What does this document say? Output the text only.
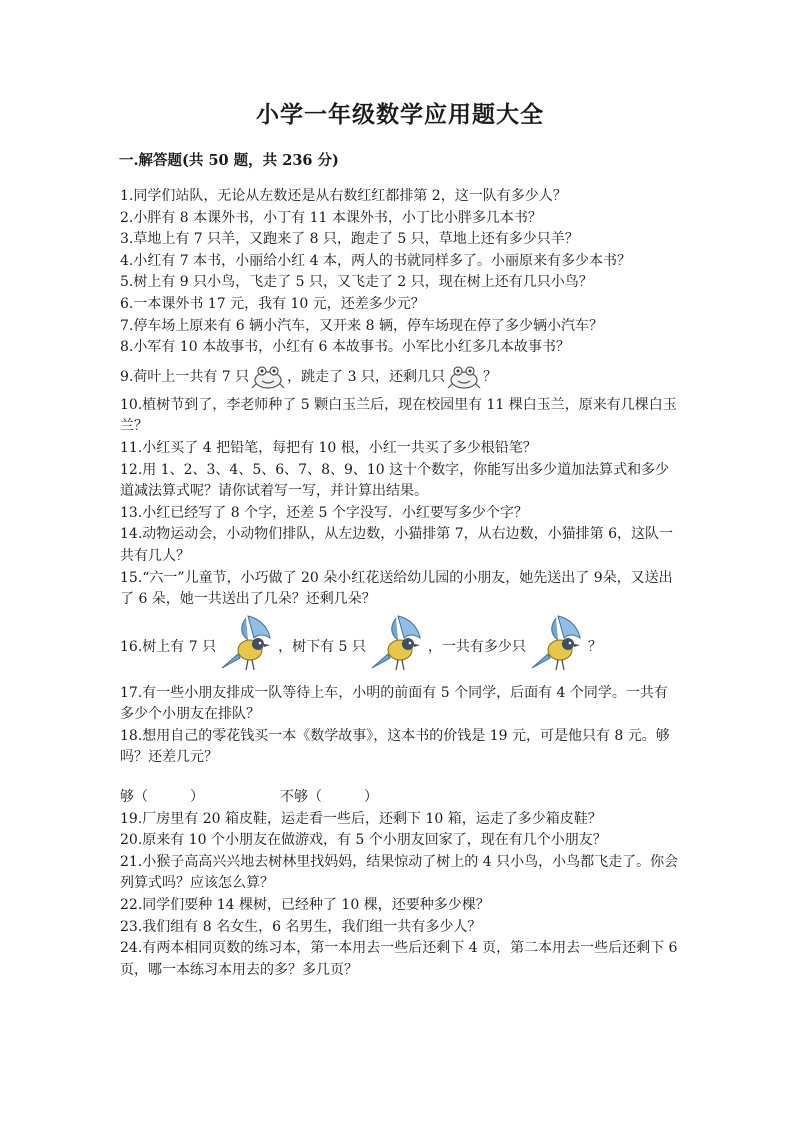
小学一年级数学应用题大全
一.解答题(共 50 题，共 236 分)

1.同学们站队，无论从左数还是从右数红红都排第 2，这一队有多少人？

2.小胖有 8 本课外书，小丁有 11 本课外书，小丁比小胖多几本书？

3.草地上有 7 只羊，又跑来了 8 只，跑走了 5 只，草地上还有多少只羊？

4.小红有 7 本书，小丽给小红 4 本，两人的书就同样多了。小丽原来有多少本书？

5.树上有 9 只小鸟，飞走了 5 只，又飞走了 2 只，现在树上还有几只小鸟？

6.一本课外书 17 元，我有 10 元，还差多少元？

7.停车场上原来有 6 辆小汽车，又开来 8 辆，停车场现在停了多少辆小汽车？

8.小军有 10 本故事书，小红有 6 本故事书。小军比小红多几本故事书？

9.荷叶上一共有 7 只	，跳走了 3 只，还剩几只	？

10.植树节到了，李老师种了 5 颗白玉兰后，现在校园里有 11 棵白玉兰，原来有几棵白玉兰？

11.小红买了 4 把铅笔，每把有 10 根，小红一共买了多少根铅笔？

12.用 1、2、3、4、5、6、7、8、9、10 这十个数字，你能写出多少道加法算式和多少道减法算式呢？请你试着写一写，并计算出结果。

13.小红已经写了 8 个字，还差 5 个字没写．小红要写多少个字？

14.动物运动会，小动物们排队，从左边数，小猫排第 7，从右边数，小猫排第 6，这队一共有几人？

15.“六一”儿童节，小巧做了 20 朵小红花送给幼儿园的小朋友，她先送出了 9朵，又送出了 6 朵，她一共送出了几朵？还剩几朵？

16.树上有 7 只	，树下有 5 只	，一共有多少只	？

17.有一些小朋友排成一队等待上车，小明的前面有 5 个同学，后面有 4 个同学。一共有多少个小朋友在排队？

18.想用自己的零花钱买一本《数学故事》，这本书的价钱是 19 元，可是他只有 8 元。够吗？还差几元？

够（　　　）	不够（　　　）

19.厂房里有 20 箱皮鞋，运走看一些后，还剩下 10 箱，运走了多少箱皮鞋？

20.原来有 10 个小朋友在做游戏，有 5 个小朋友回家了，现在有几个小朋友？

21.小猴子高高兴兴地去树林里找妈妈，结果惊动了树上的 4 只小鸟，小鸟都飞走了。你会列算式吗？应该怎么算？

22.同学们要种 14 棵树，已经种了 10 棵，还要种多少棵？

23.我们组有 8 名女生，6 名男生，我们组一共有多少人？

24.有两本相同页数的练习本，第一本用去一些后还剩下 4 页，第二本用去一些后还剩下 6 页，哪一本练习本用去的多？多几页？
